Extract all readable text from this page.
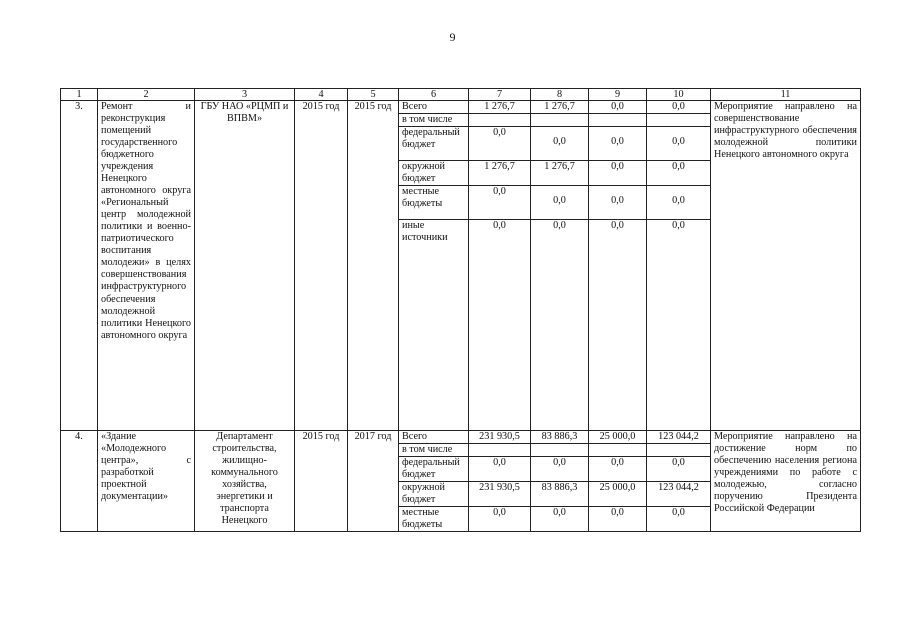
9
1	2	3	4	5	6	7	8	9	10	11
3.	Ремонт и реконструкция помещений государственного бюджетного учреждения Ненецкого автономного округа «Региональный центр молодежной политики и военно-патриотического воспитания молодежи» в целях совершенствования инфраструктурного обеспечения молодежной политики Ненецкого автономного округа	ГБУ НАО «РЦМП и ВПВМ»	2015 год	2015 год	Всего	1 276,7	1 276,7	0,0	0,0	Мероприятие направлено на совершенствование инфраструктурного обеспечения молодежной политики Ненецкого автономного округа
					в том числе					
					федеральный бюджет	0,0	0,0	0,0	0,0	
					окружной бюджет	1 276,7	1 276,7	0,0	0,0	
					местные бюджеты	0,0	0,0	0,0	0,0	
					иные источники	0,0	0,0	0,0	0,0	
4.	«Здание «Молодежного центра», с разработкой проектной документации»	Департамент строительства, жилищно-коммунального хозяйства, энергетики и транспорта Ненецкого	2015 год	2017 год	Всего	231 930,5	83 886,3	25 000,0	123 044,2	Мероприятие направлено на достижение норм по обеспечению населения региона учреждениями по работе с молодежью, согласно поручению Президента Российской Федерации
					в том числе					
					федеральный бюджет	0,0	0,0	0,0	0,0	
					окружной бюджет	231 930,5	83 886,3	25 000,0	123 044,2	
					местные бюджеты	0,0	0,0	0,0	0,0	
